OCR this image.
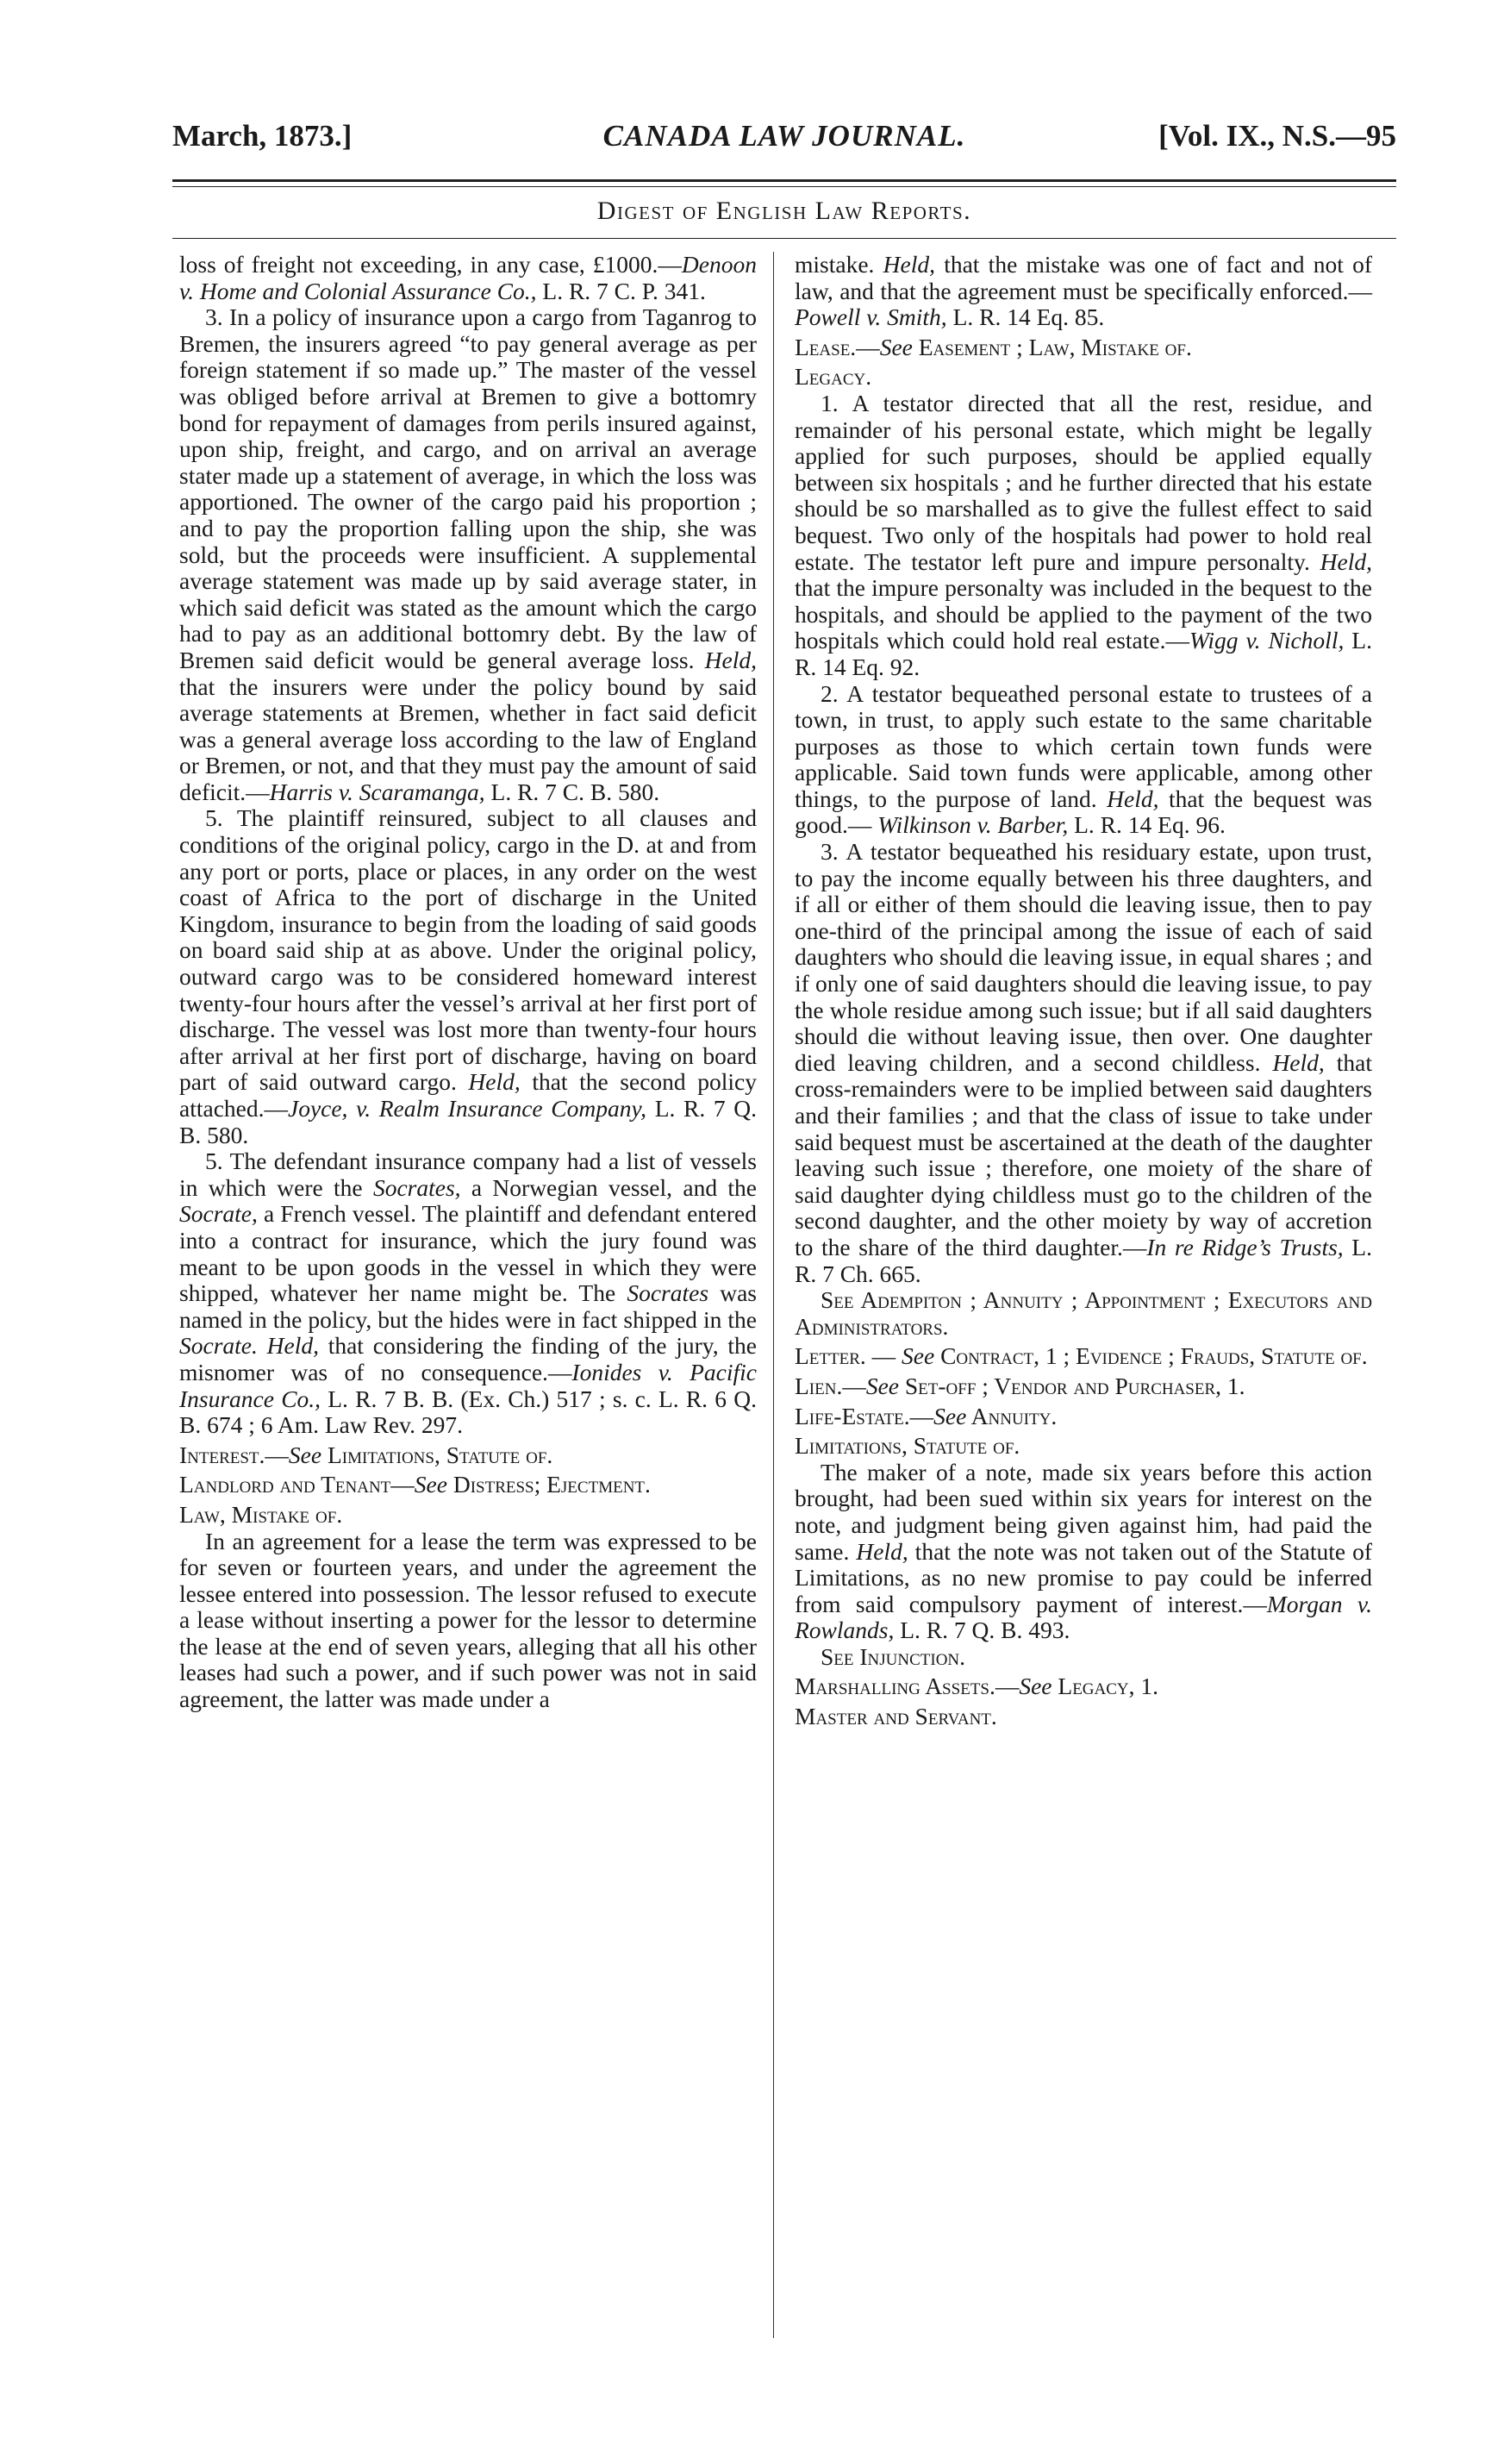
March, 1873.]	CANADA LAW JOURNAL.	[Vol. IX., N.S.—95
Digest of English Law Reports.

loss of freight not exceeding, in any case, £1000.—Denoon v. Home and Colonial Assurance Co., L. R. 7 C. P. 341.

3. In a policy of insurance upon a cargo from Taganrog to Bremen, the insurers agreed “to pay general average as per foreign statement if so made up.” The master of the vessel was obliged before arrival at Bremen to give a bottomry bond for repayment of damages from perils insured against, upon ship, freight, and cargo, and on arrival an average stater made up a statement of average, in which the loss was apportioned. The owner of the cargo paid his proportion ; and to pay the proportion falling upon the ship, she was sold, but the proceeds were insufficient. A supplemental average statement was made up by said average stater, in which said deficit was stated as the amount which the cargo had to pay as an additional bottomry debt. By the law of Bremen said deficit would be general average loss. Held, that the insurers were under the policy bound by said average statements at Bremen, whether in fact said deficit was a general average loss according to the law of England or Bremen, or not, and that they must pay the amount of said deficit.—Harris v. Scaramanga, L. R. 7 C. B. 580.

5. The plaintiff reinsured, subject to all clauses and conditions of the original policy, cargo in the D. at and from any port or ports, place or places, in any order on the west coast of Africa to the port of discharge in the United Kingdom, insurance to begin from the loading of said goods on board said ship at as above. Under the original policy, outward cargo was to be considered homeward interest twenty-four hours after the vessel’s arrival at her first port of discharge. The vessel was lost more than twenty-four hours after arrival at her first port of discharge, having on board part of said outward cargo. Held, that the second policy attached.—Joyce, v. Realm Insurance Company, L. R. 7 Q. B. 580.

5. The defendant insurance company had a list of vessels in which were the Socrates, a Norwegian vessel, and the Socrate, a French vessel. The plaintiff and defendant entered into a contract for insurance, which the jury found was meant to be upon goods in the vessel in which they were shipped, whatever her name might be. The Socrates was named in the policy, but the hides were in fact shipped in the Socrate. Held, that considering the finding of the jury, the misnomer was of no consequence.—Ionides v. Pacific Insurance Co., L. R. 7 B. B. (Ex. Ch.) 517 ; s. c. L. R. 6 Q. B. 674 ; 6 Am. Law Rev. 297.

Interest.—See Limitations, Statute of.

Landlord and Tenant—See Distress; Ejectment.

Law, Mistake of.

In an agreement for a lease the term was expressed to be for seven or fourteen years, and under the agreement the lessee entered into possession. The lessor refused to execute a lease without inserting a power for the lessor to determine the lease at the end of seven years, alleging that all his other leases had such a power, and if such power was not in said agreement, the latter was made under a

mistake. Held, that the mistake was one of fact and not of law, and that the agreement must be specifically enforced.—Powell v. Smith, L. R. 14 Eq. 85.

Lease.—See Easement ; Law, Mistake of.

Legacy.

1. A testator directed that all the rest, residue, and remainder of his personal estate, which might be legally applied for such purposes, should be applied equally between six hospitals ; and he further directed that his estate should be so marshalled as to give the fullest effect to said bequest. Two only of the hospitals had power to hold real estate. The testator left pure and impure personalty. Held, that the impure personalty was included in the bequest to the hospitals, and should be applied to the payment of the two hospitals which could hold real estate.—Wigg v. Nicholl, L. R. 14 Eq. 92.

2. A testator bequeathed personal estate to trustees of a town, in trust, to apply such estate to the same charitable purposes as those to which certain town funds were applicable. Said town funds were applicable, among other things, to the purpose of land. Held, that the bequest was good.— Wilkinson v. Barber, L. R. 14 Eq. 96.

3. A testator bequeathed his residuary estate, upon trust, to pay the income equally between his three daughters, and if all or either of them should die leaving issue, then to pay one-third of the principal among the issue of each of said daughters who should die leaving issue, in equal shares ; and if only one of said daughters should die leaving issue, to pay the whole residue among such issue; but if all said daughters should die without leaving issue, then over. One daughter died leaving children, and a second childless. Held, that cross-remainders were to be implied between said daughters and their families ; and that the class of issue to take under said bequest must be ascertained at the death of the daughter leaving such issue ; therefore, one moiety of the share of said daughter dying childless must go to the children of the second daughter, and the other moiety by way of accretion to the share of the third daughter.—In re Ridge’s Trusts, L. R. 7 Ch. 665.

See Adempiton ; Annuity ; Appointment ; Executors and Administrators.

Letter. — See Contract, 1 ; Evidence ; Frauds, Statute of.

Lien.—See Set-off ; Vendor and Purchaser, 1.

Life-Estate.—See Annuity.

Limitations, Statute of.

The maker of a note, made six years before this action brought, had been sued within six years for interest on the note, and judgment being given against him, had paid the same. Held, that the note was not taken out of the Statute of Limitations, as no new promise to pay could be inferred from said compulsory payment of interest.—Morgan v. Rowlands, L. R. 7 Q. B. 493.

See Injunction.

Marshalling Assets.—See Legacy, 1.

Master and Servant.
